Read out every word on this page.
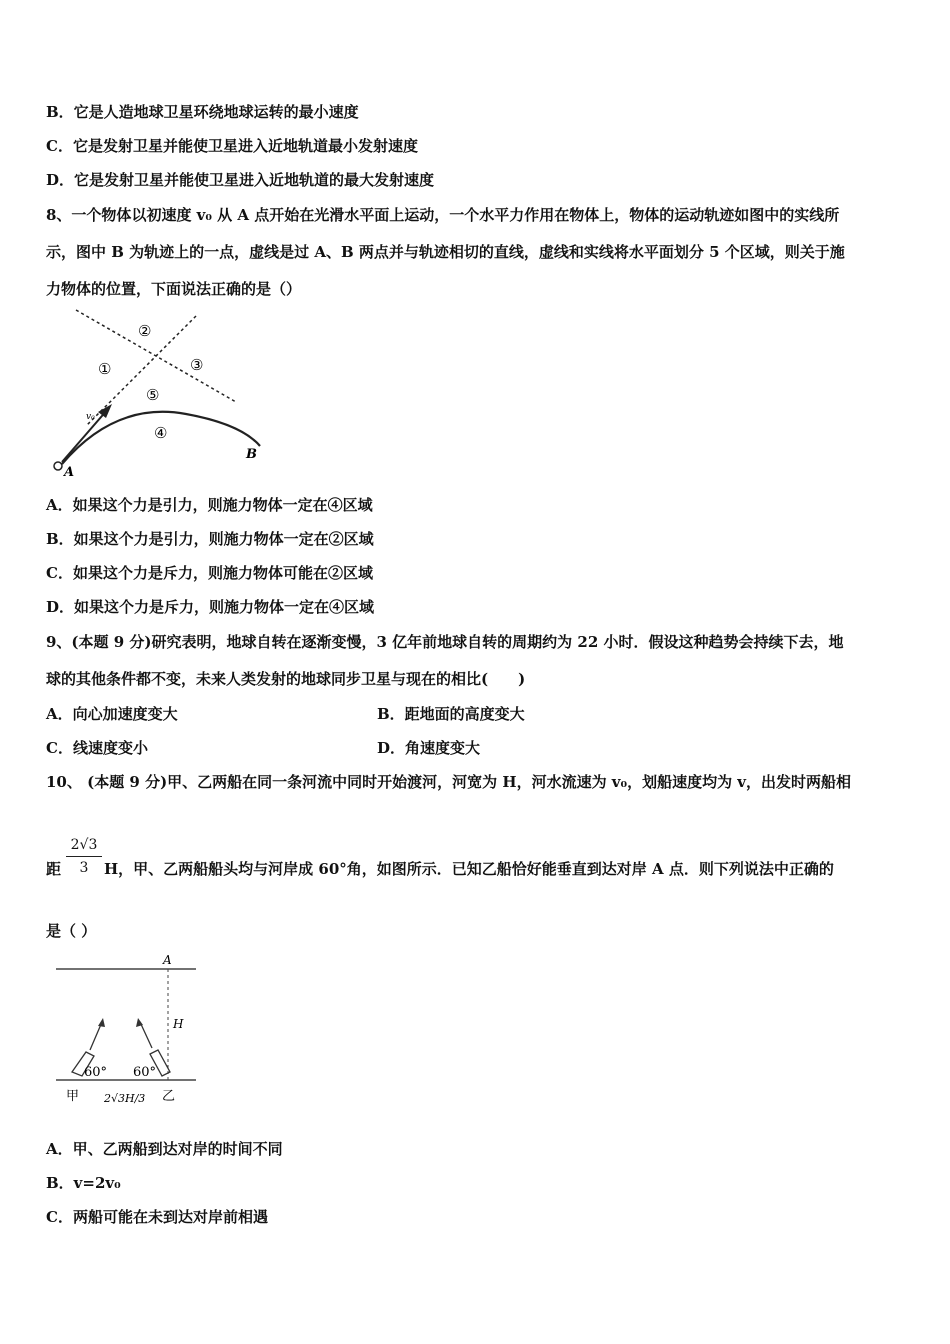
B．它是人造地球卫星环绕地球运转的最小速度
C．它是发射卫星并能使卫星进入近地轨道最小发射速度
D．它是发射卫星并能使卫星进入近地轨道的最大发射速度
8、一个物体以初速度 v₀ 从 A 点开始在光滑水平面上运动，一个水平力作用在物体上，物体的运动轨迹如图中的实线所
示，图中 B 为轨迹上的一点，虚线是过 A、B 两点并与轨迹相切的直线，虚线和实线将水平面划分 5 个区域，则关于施
力物体的位置，下面说法正确的是（）
②
①	③
⑤
④
v₀
A
B
A．如果这个力是引力，则施力物体一定在④区域
B．如果这个力是引力，则施力物体一定在②区域
C．如果这个力是斥力，则施力物体可能在②区域
D．如果这个力是斥力，则施力物体一定在④区域
9、(本题 9 分)研究表明，地球自转在逐渐变慢，3 亿年前地球自转的周期约为 22 小时．假设这种趋势会持续下去，地
球的其他条件都不变，未来人类发射的地球同步卫星与现在的相比(　　)
A．向心加速度变大	B．距地面的高度变大
C．线速度变小	D．角速度变大
10、 (本题 9 分)甲、乙两船在同一条河流中同时开始渡河，河宽为 H，河水流速为 v₀，划船速度均为 v，出发时两船相
距 $\frac{2√3}{3}$ H，甲、乙两船船头均与河岸成 60°角，如图所示．已知乙船恰好能垂直到达对岸 A 点．则下列说法中正确的
是（ ）
A
H
60° 60°
甲	乙
2√3H/3
A．甲、乙两船到达对岸的时间不同
B．v=2v₀
C．两船可能在未到达对岸前相遇
